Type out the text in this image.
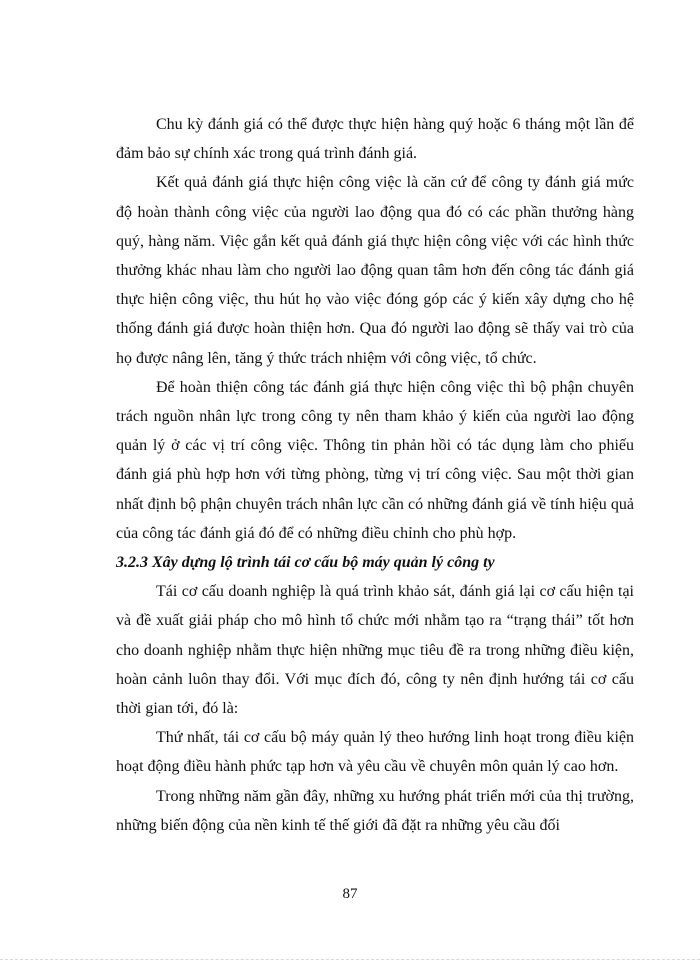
Chu kỳ đánh giá có thể được thực hiện hàng quý hoặc 6 tháng một lần để đảm bảo sự chính xác trong quá trình đánh giá.

Kết quả đánh giá thực hiện công việc là căn cứ để công ty đánh giá mức độ hoàn thành công việc của người lao động qua đó có các phần thưởng hàng quý, hàng năm. Việc gắn kết quả đánh giá thực hiện công việc với các hình thức thưởng khác nhau làm cho người lao động quan tâm hơn đến công tác đánh giá thực hiện công việc, thu hút họ vào việc đóng góp các ý kiến xây dựng cho hệ thống đánh giá được hoàn thiện hơn. Qua đó người lao động sẽ thấy vai trò của họ được nâng lên, tăng ý thức trách nhiệm với công việc, tổ chức.

Để hoàn thiện công tác đánh giá thực hiện công việc thì bộ phận chuyên trách nguồn nhân lực trong công ty nên tham khảo ý kiến của người lao động quản lý ở các vị trí công việc. Thông tin phản hồi có tác dụng làm cho phiếu đánh giá phù hợp hơn với từng phòng, từng vị trí công việc. Sau một thời gian nhất định bộ phận chuyên trách nhân lực cần có những đánh giá về tính hiệu quả của công tác đánh giá đó để có những điều chỉnh cho phù hợp.

3.2.3 Xây dựng lộ trình tái cơ cấu bộ máy quản lý công ty

Tái cơ cấu doanh nghiệp là quá trình khảo sát, đánh giá lại cơ cấu hiện tại và đề xuất giải pháp cho mô hình tổ chức mới nhằm tạo ra “trạng thái” tốt hơn cho doanh nghiệp nhằm thực hiện những mục tiêu đề ra trong những điều kiện, hoàn cảnh luôn thay đổi. Với mục đích đó, công ty nên định hướng tái cơ cấu thời gian tới, đó là:

Thứ nhất, tái cơ cấu bộ máy quản lý theo hướng linh hoạt trong điều kiện hoạt động điều hành phức tạp hơn và yêu cầu về chuyên môn quản lý cao hơn.

Trong những năm gần đây, những xu hướng phát triển mới của thị trường, những biến động của nền kinh tế thế giới đã đặt ra những yêu cầu đối

87
